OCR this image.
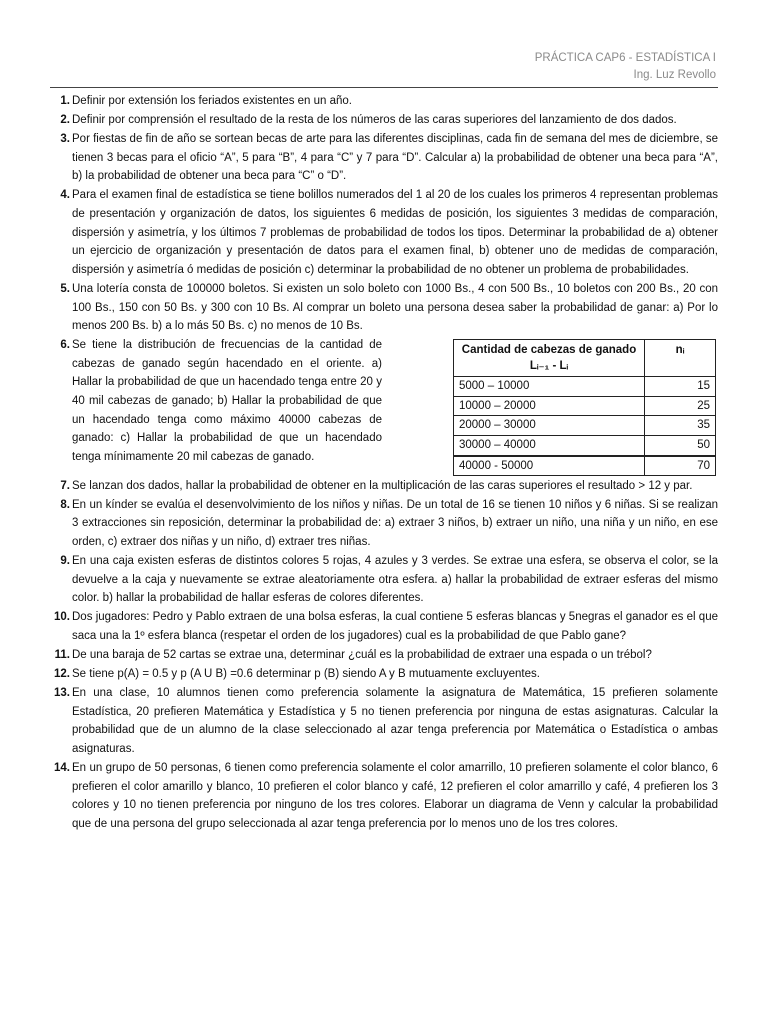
PRÁCTICA CAP6 - ESTADÍSTICA I
Ing. Luz Revollo
1. Definir por extensión los feriados existentes en un año.
2. Definir por comprensión el resultado de la resta de los números de las caras superiores del lanzamiento de dos dados.
3. Por fiestas de fin de año se sortean becas de arte para las diferentes disciplinas, cada fin de semana del mes de diciembre, se tienen 3 becas para el oficio “A”, 5 para “B”, 4 para “C” y 7 para “D”. Calcular a) la probabilidad de obtener una beca para “A”, b) la probabilidad de obtener una beca para “C” o “D”.
4. Para el examen final de estadística se tiene bolillos numerados del 1 al 20 de los cuales los primeros 4 representan problemas de presentación y organización de datos, los siguientes 6 medidas de posición, los siguientes 3 medidas de comparación, dispersión y asimetría, y los últimos 7 problemas de probabilidad de todos los tipos. Determinar la probabilidad de a) obtener un ejercicio de organización y presentación de datos para el examen final, b) obtener uno de medidas de comparación, dispersión y asimetría ó medidas de posición c) determinar la probabilidad de no obtener un problema de probabilidades.
5. Una lotería consta de 100000 boletos. Si existen un solo boleto con 1000 Bs., 4 con 500 Bs., 10 boletos con 200 Bs., 20 con 100 Bs., 150 con 50 Bs. y 300 con 10 Bs. Al comprar un boleto una persona desea saber la probabilidad de ganar: a) Por lo menos 200 Bs. b) a lo más 50 Bs. c) no menos de 10 Bs.
6. Se tiene la distribución de frecuencias de la cantidad de cabezas de ganado según hacendado en el oriente. a) Hallar la probabilidad de que un hacendado tenga entre 20 y 40 mil cabezas de ganado; b) Hallar la probabilidad de que un hacendado tenga como máximo 40000 cabezas de ganado: c) Hallar la probabilidad de que un hacendado tenga mínimamente 20 mil cabezas de ganado.
Cantidad de cabezas de ganado
Lᵢ₋₁ - Lᵢ	nᵢ
5000 – 10000	15
10000 – 20000	25
20000 – 30000	35
30000 – 40000	50
40000 - 50000	70
7. Se lanzan dos dados, hallar la probabilidad de obtener en la multiplicación de las caras superiores el resultado > 12 y par.
8. En un kínder se evalúa el desenvolvimiento de los niños y niñas. De un total de 16 se tienen 10 niños y 6 niñas. Si se realizan 3 extracciones sin reposición, determinar la probabilidad de: a) extraer 3 niños, b) extraer un niño, una niña y un niño, en ese orden, c) extraer dos niñas y un niño, d) extraer tres niñas.
9. En una caja existen esferas de distintos colores 5 rojas, 4 azules y 3 verdes. Se extrae una esfera, se observa el color, se la devuelve a la caja y nuevamente se extrae aleatoriamente otra esfera. a) hallar la probabilidad de extraer esferas del mismo color. b) hallar la probabilidad de hallar esferas de colores diferentes.
10. Dos jugadores: Pedro y Pablo extraen de una bolsa esferas, la cual contiene 5 esferas blancas y 5negras el ganador es el que saca una la 1º esfera blanca (respetar el orden de los jugadores) cual es la probabilidad de que Pablo gane?
11. De una baraja de 52 cartas se extrae una, determinar ¿cuál es la probabilidad de extraer una espada o un trébol?
12. Se tiene p(A) = 0.5 y p (A U B) =0.6 determinar p (B) siendo A y B mutuamente excluyentes.
13. En una clase, 10 alumnos tienen como preferencia solamente la asignatura de Matemática, 15 prefieren solamente Estadística, 20 prefieren Matemática y Estadística y 5 no tienen preferencia por ninguna de estas asignaturas. Calcular la probabilidad que de un alumno de la clase seleccionado al azar tenga preferencia por Matemática o Estadística o ambas asignaturas.
14. En un grupo de 50 personas, 6 tienen como preferencia solamente el color amarrillo, 10 prefieren solamente el color blanco, 6 prefieren el color amarillo y blanco, 10 prefieren el color blanco y café, 12 prefieren el color amarrillo y café, 4 prefieren los 3 colores y 10 no tienen preferencia por ninguno de los tres colores. Elaborar un diagrama de Venn y calcular la probabilidad que de una persona del grupo seleccionada al azar tenga preferencia por lo menos uno de los tres colores.
